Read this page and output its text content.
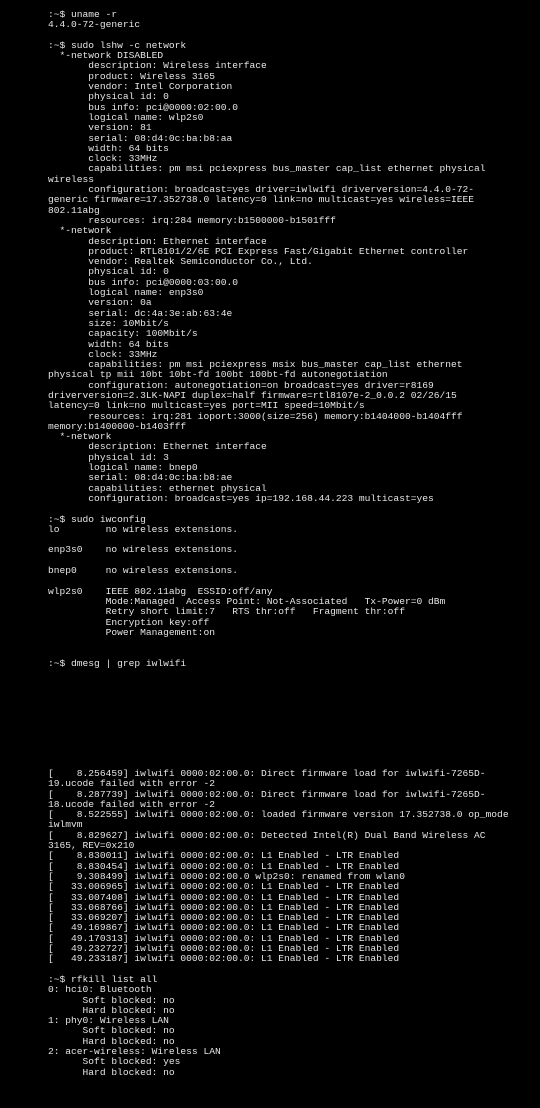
:~$ uname -r
4.4.0-72-generic
:~$ sudo lshw -c network
*-network DISABLED
description: Wireless interface
product: Wireless 3165
vendor: Intel Corporation
physical id: 0
bus info: pci@0000:02:00.0
logical name: wlp2s0
version: 81
serial: 08:d4:0c:ba:b8:aa
width: 64 bits
clock: 33MHz
capabilities: pm msi pciexpress bus_master cap_list ethernet physical
wireless
configuration: broadcast=yes driver=iwlwifi driverversion=4.4.0-72-
generic firmware=17.352738.0 latency=0 link=no multicast=yes wireless=IEEE
802.11abg
resources: irq:284 memory:b1500000-b1501fff
*-network
description: Ethernet interface
product: RTL8101/2/6E PCI Express Fast/Gigabit Ethernet controller
vendor: Realtek Semiconductor Co., Ltd.
physical id: 0
bus info: pci@0000:03:00.0
logical name: enp3s0
version: 0a
serial: dc:4a:3e:ab:63:4e
size: 10Mbit/s
capacity: 100Mbit/s
width: 64 bits
clock: 33MHz
capabilities: pm msi pciexpress msix bus_master cap_list ethernet
physical tp mii 10bt 10bt-fd 100bt 100bt-fd autonegotiation
configuration: autonegotiation=on broadcast=yes driver=r8169
driverversion=2.3LK-NAPI duplex=half firmware=rtl8107e-2_0.0.2 02/26/15
latency=0 link=no multicast=yes port=MII speed=10Mbit/s
resources: irq:281 ioport:3000(size=256) memory:b1404000-b1404fff
memory:b1400000-b1403fff
*-network
description: Ethernet interface
physical id: 3
logical name: bnep0
serial: 08:d4:0c:ba:b8:ae
capabilities: ethernet physical
configuration: broadcast=yes ip=192.168.44.223 multicast=yes
:~$ sudo iwconfig
lo        no wireless extensions.
enp3s0    no wireless extensions.
bnep0     no wireless extensions.
wlp2s0    IEEE 802.11abg  ESSID:off/any
Mode:Managed  Access Point: Not-Associated   Tx-Power=0 dBm
Retry short limit:7   RTS thr:off   Fragment thr:off
Encryption key:off
Power Management:on
:~$ dmesg | grep iwlwifi
[    8.256459] iwlwifi 0000:02:00.0: Direct firmware load for iwlwifi-7265D-
19.ucode failed with error -2
[    8.287739] iwlwifi 0000:02:00.0: Direct firmware load for iwlwifi-7265D-
18.ucode failed with error -2
[    8.522555] iwlwifi 0000:02:00.0: loaded firmware version 17.352738.0 op_mode
iwlmvm
[    8.829627] iwlwifi 0000:02:00.0: Detected Intel(R) Dual Band Wireless AC
3165, REV=0x210
[    8.830011] iwlwifi 0000:02:00.0: L1 Enabled - LTR Enabled
[    8.830454] iwlwifi 0000:02:00.0: L1 Enabled - LTR Enabled
[    9.308499] iwlwifi 0000:02:00.0 wlp2s0: renamed from wlan0
[   33.006965] iwlwifi 0000:02:00.0: L1 Enabled - LTR Enabled
[   33.007408] iwlwifi 0000:02:00.0: L1 Enabled - LTR Enabled
[   33.068766] iwlwifi 0000:02:00.0: L1 Enabled - LTR Enabled
[   33.069207] iwlwifi 0000:02:00.0: L1 Enabled - LTR Enabled
[   49.169867] iwlwifi 0000:02:00.0: L1 Enabled - LTR Enabled
[   49.170313] iwlwifi 0000:02:00.0: L1 Enabled - LTR Enabled
[   49.232727] iwlwifi 0000:02:00.0: L1 Enabled - LTR Enabled
[   49.233187] iwlwifi 0000:02:00.0: L1 Enabled - LTR Enabled
:~$ rfkill list all
0: hci0: Bluetooth
Soft blocked: no
Hard blocked: no
1: phy0: Wireless LAN
Soft blocked: no
Hard blocked: no
2: acer-wireless: Wireless LAN
Soft blocked: yes
Hard blocked: no
